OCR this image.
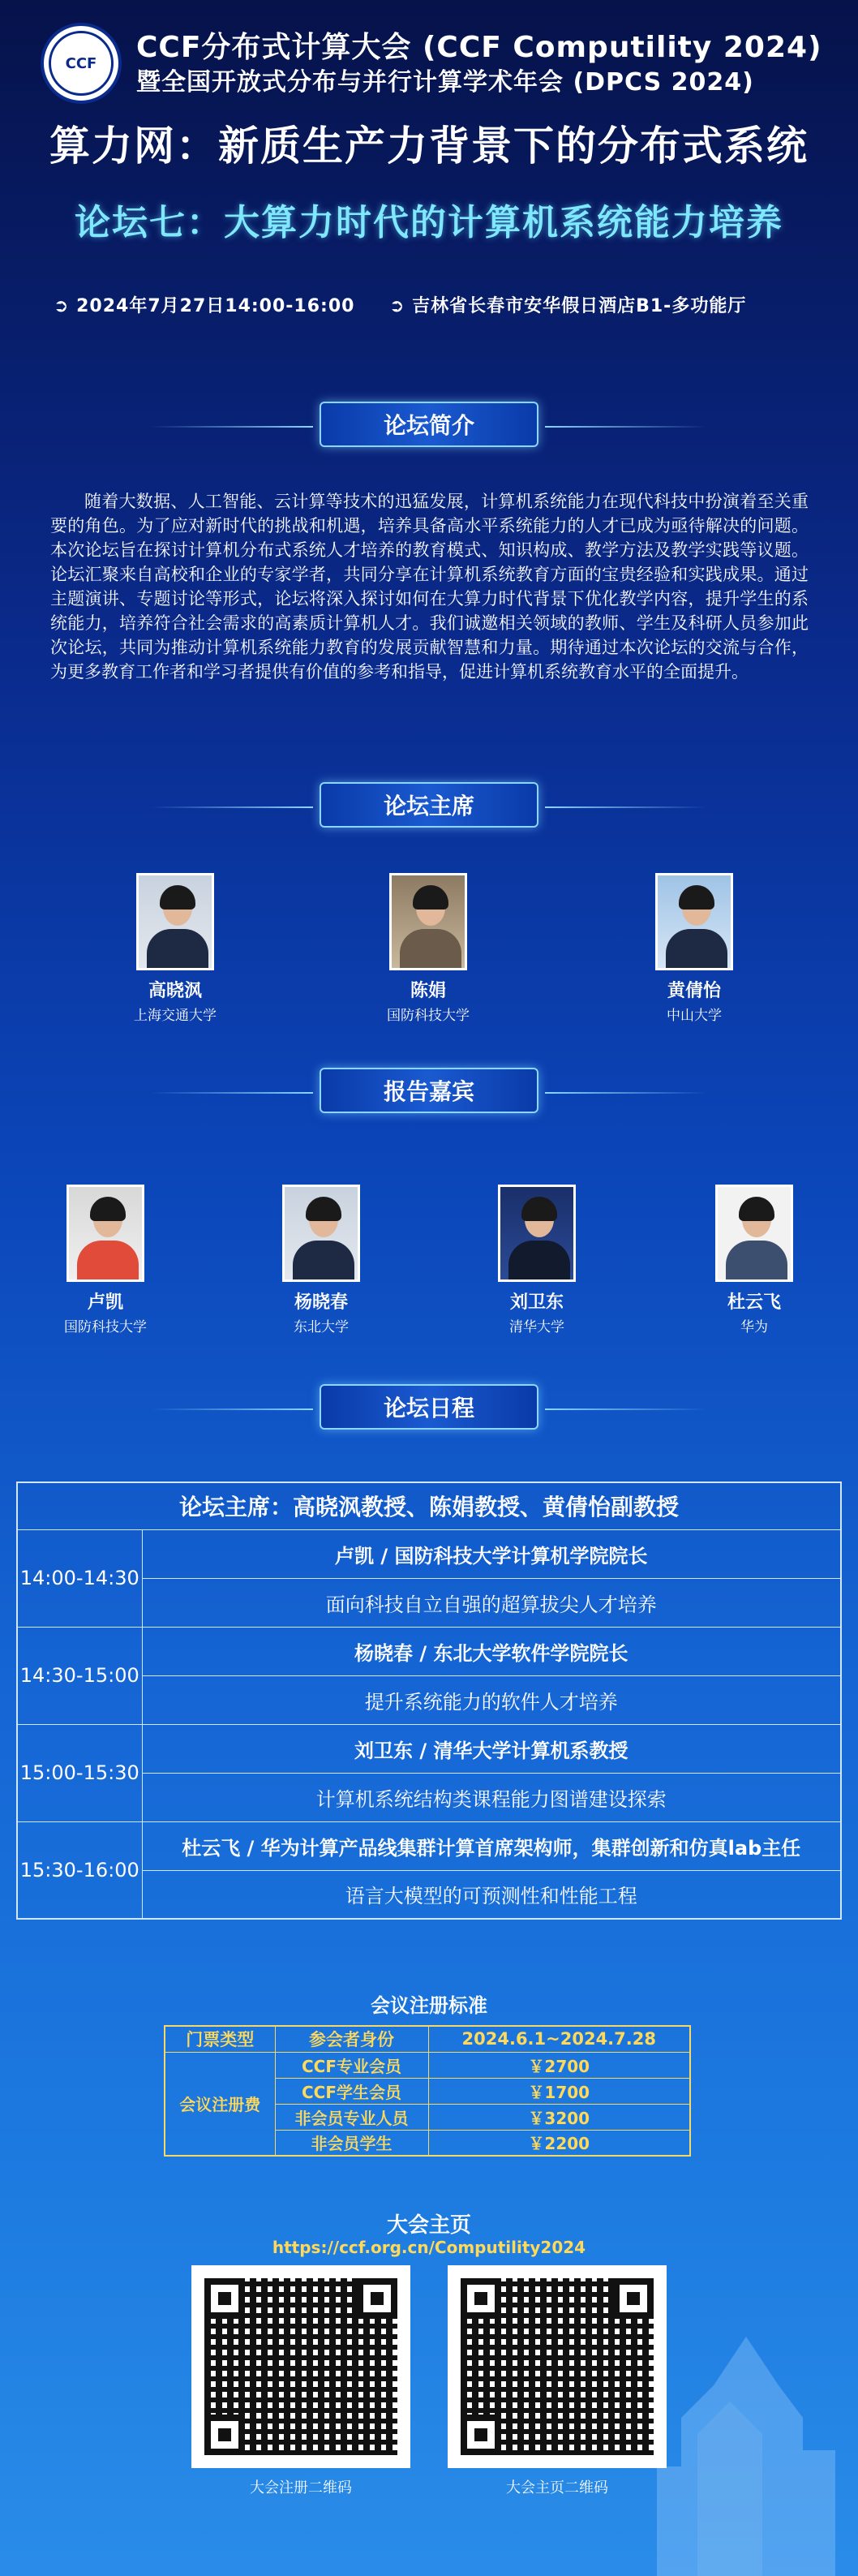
CCF	CCF分布式计算大会 (CCF Computility 2024)
暨全国开放式分布与并行计算学术年会 (DPCS 2024)
算力网：新质生产力背景下的分布式系统
论坛七：大算力时代的计算机系统能力培养
➲ 2024年7月27日14:00-16:00 ➲ 吉林省长春市安华假日酒店B1-多功能厅
论坛简介
随着大数据、人工智能、云计算等技术的迅猛发展，计算机系统能力在现代科技中扮演着至关重要的角色。为了应对新时代的挑战和机遇，培养具备高水平系统能力的人才已成为亟待解决的问题。本次论坛旨在探讨计算机分布式系统人才培养的教育模式、知识构成、教学方法及教学实践等议题。论坛汇聚来自高校和企业的专家学者，共同分享在计算机系统教育方面的宝贵经验和实践成果。通过主题演讲、专题讨论等形式，论坛将深入探讨如何在大算力时代背景下优化教学内容，提升学生的系统能力，培养符合社会需求的高素质计算机人才。我们诚邀相关领域的教师、学生及科研人员参加此次论坛，共同为推动计算机系统能力教育的发展贡献智慧和力量。期待通过本次论坛的交流与合作，为更多教育工作者和学习者提供有价值的参考和指导，促进计算机系统教育水平的全面提升。
论坛主席
高晓沨
上海交通大学
陈娟
国防科技大学
黄倩怡
中山大学
报告嘉宾
卢凯
国防科技大学
杨晓春
东北大学
刘卫东
清华大学
杜云飞
华为
论坛日程
论坛主席：高晓沨教授、陈娟教授、黄倩怡副教授	
14:00-14:30	卢凯 / 国防科技大学计算机学院院长
	面向科技自立自强的超算拔尖人才培养
14:30-15:00	杨晓春 / 东北大学软件学院院长
	提升系统能力的软件人才培养
15:00-15:30	刘卫东 / 清华大学计算机系教授
	计算机系统结构类课程能力图谱建设探索
15:30-16:00	杜云飞 / 华为计算产品线集群计算首席架构师，集群创新和仿真lab主任
	语言大模型的可预测性和性能工程
会议注册标准
门票类型	参会者身份	2024.6.1~2024.7.28
会议注册费	CCF专业会员	￥2700
	CCF学生会员	￥1700
	非会员专业人员	￥3200
	非会员学生	￥2200
大会主页
https://ccf.org.cn/Computility2024
大会注册二维码	大会主页二维码
